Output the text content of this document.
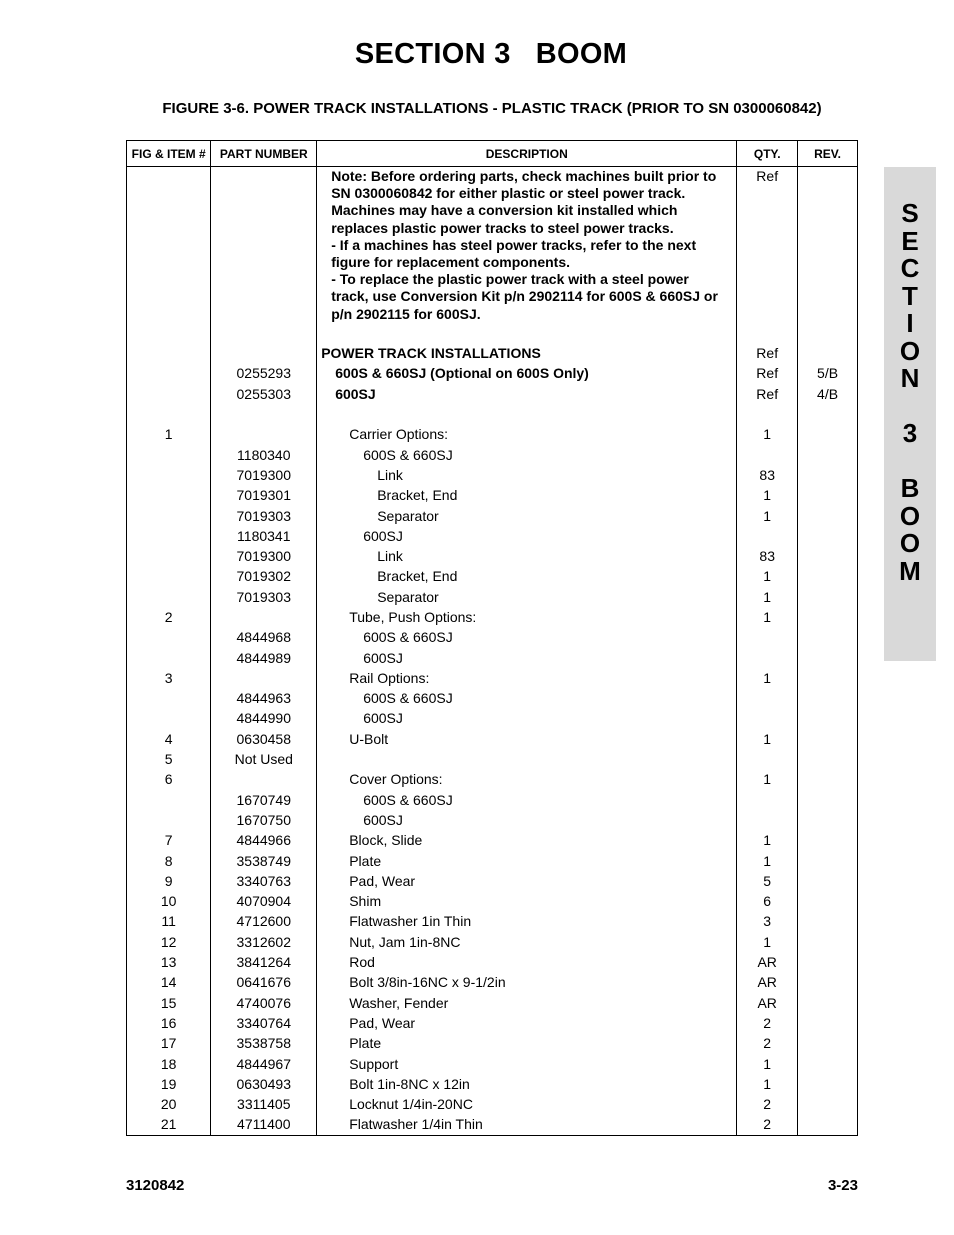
SECTION 3   BOOM
FIGURE 3-6. POWER TRACK INSTALLATIONS - PLASTIC TRACK (PRIOR TO SN 0300060842)
S
E
C
T
I
O
N
3
B
O
O
M
FIG & ITEM #	PART NUMBER	DESCRIPTION	QTY.	REV.

		Note: Before ordering parts, check machines built prior to SN 0300060842 for either plastic or steel power track. Machines may have a conversion kit installed which replaces plastic power tracks to steel power tracks.

- If a machines has steel power tracks, refer to the next figure for replacement components.

- To replace the plastic power track with a steel power track, use Conversion Kit p/n 2902114 for 600S & 660SJ or p/n 2902115 for 600SJ.	Ref	

		POWER TRACK INSTALLATIONS	Ref	
	0255293	600S & 660SJ (Optional on 600S Only)	Ref	5/B
	0255303	600SJ	Ref	4/B

1		Carrier Options:	1	
	1180340	600S & 660SJ		
	7019300	Link	83	
	7019301	Bracket, End	1	
	7019303	Separator	1	
	1180341	600SJ		
	7019300	Link	83	
	7019302	Bracket, End	1	
	7019303	Separator	1	
2		Tube, Push Options:	1	
	4844968	600S & 660SJ		
	4844989	600SJ		
3		Rail Options:	1	
	4844963	600S & 660SJ		
	4844990	600SJ		
4	0630458	U-Bolt	1	
5	Not Used			
6		Cover Options:	1	
	1670749	600S & 660SJ		
	1670750	600SJ		
7	4844966	Block, Slide	1	
8	3538749	Plate	1	
9	3340763	Pad, Wear	5	
10	4070904	Shim	6	
11	4712600	Flatwasher 1in Thin	3	
12	3312602	Nut, Jam 1in-8NC	1	
13	3841264	Rod	AR	
14	0641676	Bolt 3/8in-16NC x 9-1/2in	AR	
15	4740076	Washer, Fender	AR	
16	3340764	Pad, Wear	2	
17	3538758	Plate	2	
18	4844967	Support	1	
19	0630493	Bolt 1in-8NC x 12in	1	
20	3311405	Locknut 1/4in-20NC	2	
21	4711400	Flatwasher 1/4in Thin	2	
3120842	3-23
